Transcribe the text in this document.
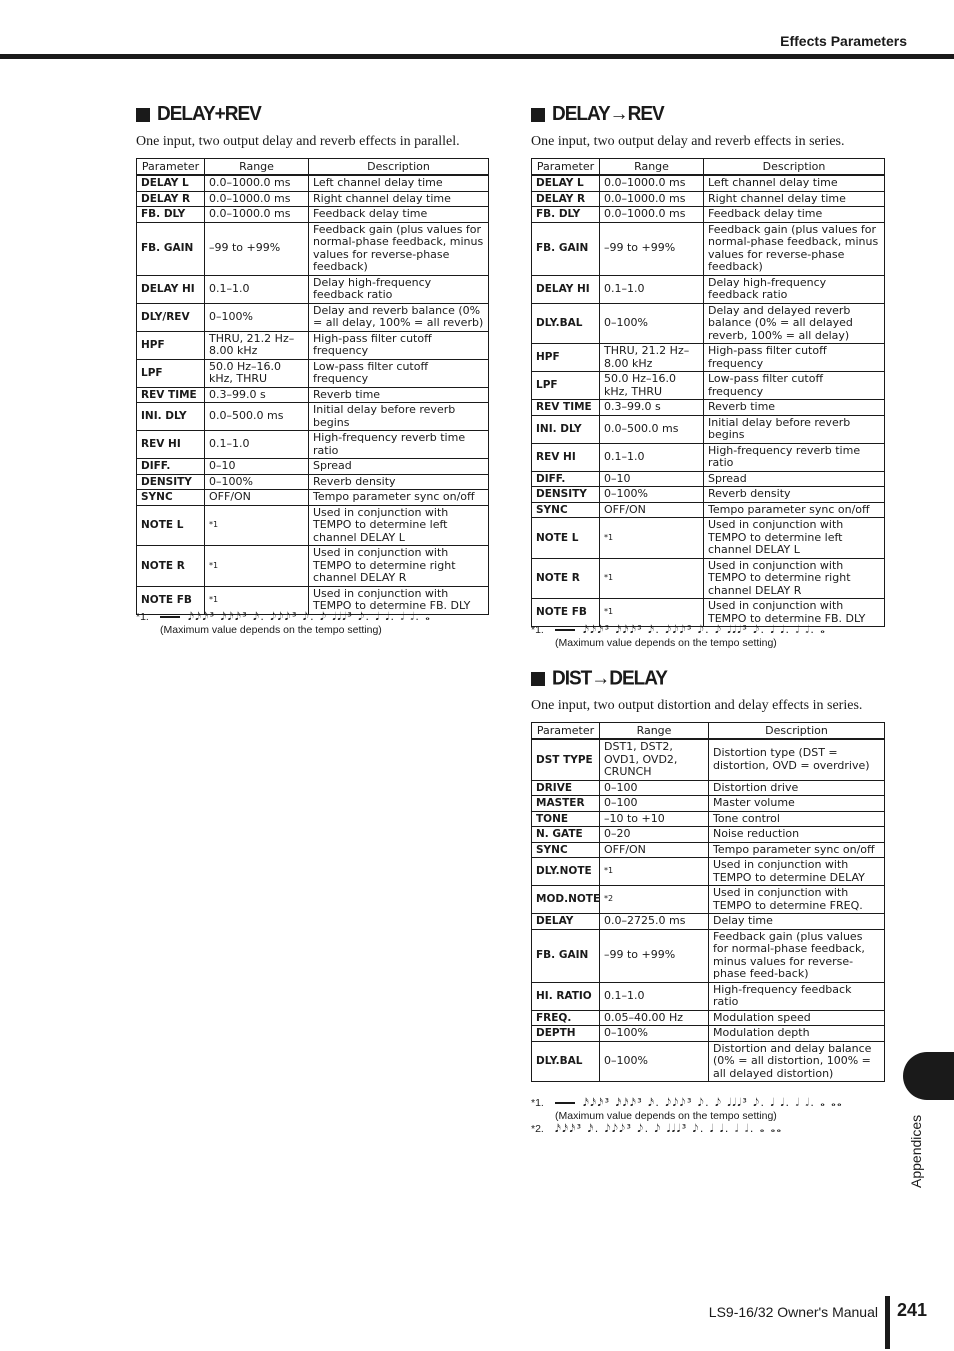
Effects Parameters
DELAY+REV
One input, two output delay and reverb effects in parallel.
Parameter	Range	Description
DELAY L	0.0–1000.0 ms	Left channel delay time
DELAY R	0.0–1000.0 ms	Right channel delay time
FB. DLY	0.0–1000.0 ms	Feedback delay time
FB. GAIN	–99 to +99%	Feedback gain (plus values for normal-phase feedback, minus values for reverse-phase feedback)
DELAY HI	0.1–1.0	Delay high-frequency feedback ratio
DLY/REV	0–100%	Delay and reverb balance (0% = all delay, 100% = all reverb)
HPF	THRU, 21.2 Hz–8.00 kHz	High-pass filter cutoff frequency
LPF	50.0 Hz–16.0 kHz, THRU	Low-pass filter cutoff frequency
REV TIME	0.3–99.0 s	Reverb time
INI. DLY	0.0–500.0 ms	Initial delay before reverb begins
REV HI	0.1–1.0	High-frequency reverb time ratio
DIFF.	0–10	Spread
DENSITY	0–100%	Reverb density
SYNC	OFF/ON	Tempo parameter sync on/off
NOTE L	*1	Used in conjunction with TEMPO to determine left channel DELAY L
NOTE R	*1	Used in conjunction with TEMPO to determine right channel DELAY R
NOTE FB	*1	Used in conjunction with TEMPO to determine FB. DLY
*1.	𝅘𝅥𝅯𝅘𝅥𝅯𝅘𝅥𝅯³ 𝅘𝅥𝅯𝅘𝅥𝅯𝅘𝅥𝅯³ 𝅘𝅥𝅯. 𝅘𝅥𝅮𝅘𝅥𝅮𝅘𝅥𝅮³ 𝅘𝅥𝅮. 𝅘𝅥𝅮 𝅘𝅥𝅘𝅥𝅘𝅥³ 𝅘𝅥𝅮. 𝅘𝅥 𝅘𝅥. 𝅗𝅥 𝅗𝅥. 𝅝
(Maximum value depends on the tempo setting)
DELAY→REV
One input, two output delay and reverb effects in series.
Parameter	Range	Description
DELAY L	0.0–1000.0 ms	Left channel delay time
DELAY R	0.0–1000.0 ms	Right channel delay time
FB. DLY	0.0–1000.0 ms	Feedback delay time
FB. GAIN	–99 to +99%	Feedback gain (plus values for normal-phase feedback, minus values for reverse-phase feedback)
DELAY HI	0.1–1.0	Delay high-frequency feedback ratio
DLY.BAL	0–100%	Delay and delayed reverb balance (0% = all delayed reverb, 100% = all delay)
HPF	THRU, 21.2 Hz–8.00 kHz	High-pass filter cutoff frequency
LPF	50.0 Hz–16.0 kHz, THRU	Low-pass filter cutoff frequency
REV TIME	0.3–99.0 s	Reverb time
INI. DLY	0.0–500.0 ms	Initial delay before reverb begins
REV HI	0.1–1.0	High-frequency reverb time ratio
DIFF.	0–10	Spread
DENSITY	0–100%	Reverb density
SYNC	OFF/ON	Tempo parameter sync on/off
NOTE L	*1	Used in conjunction with TEMPO to determine left channel DELAY L
NOTE R	*1	Used in conjunction with TEMPO to determine right channel DELAY R
NOTE FB	*1	Used in conjunction with TEMPO to determine FB. DLY
*1.	𝅘𝅥𝅯𝅘𝅥𝅯𝅘𝅥𝅯³ 𝅘𝅥𝅯𝅘𝅥𝅯𝅘𝅥𝅯³ 𝅘𝅥𝅯. 𝅘𝅥𝅮𝅘𝅥𝅮𝅘𝅥𝅮³ 𝅘𝅥𝅮. 𝅘𝅥𝅮 𝅘𝅥𝅘𝅥𝅘𝅥³ 𝅘𝅥𝅮. 𝅘𝅥 𝅘𝅥. 𝅗𝅥 𝅗𝅥. 𝅝
(Maximum value depends on the tempo setting)
DIST→DELAY
One input, two output distortion and delay effects in series.
Parameter	Range	Description
DST TYPE	DST1, DST2, OVD1, OVD2, CRUNCH	Distortion type (DST = distortion, OVD = overdrive)
DRIVE	0–100	Distortion drive
MASTER	0–100	Master volume
TONE	–10 to +10	Tone control
N. GATE	0–20	Noise reduction
SYNC	OFF/ON	Tempo parameter sync on/off
DLY.NOTE	*1	Used in conjunction with TEMPO to determine DELAY
MOD.NOTE	*2	Used in conjunction with TEMPO to determine FREQ.
DELAY	0.0–2725.0 ms	Delay time
FB. GAIN	–99 to +99%	Feedback gain (plus values for normal-phase feedback, minus values for reverse-phase feed-back)
HI. RATIO	0.1–1.0	High-frequency feedback ratio
FREQ.	0.05–40.00 Hz	Modulation speed
DEPTH	0–100%	Modulation depth
DLY.BAL	0–100%	Distortion and delay balance (0% = all distortion, 100% = all delayed distortion)
*1.	𝅘𝅥𝅯𝅘𝅥𝅯𝅘𝅥𝅯³ 𝅘𝅥𝅯𝅘𝅥𝅯𝅘𝅥𝅯³ 𝅘𝅥𝅯. 𝅘𝅥𝅮𝅘𝅥𝅮𝅘𝅥𝅮³ 𝅘𝅥𝅮. 𝅘𝅥𝅮 𝅘𝅥𝅘𝅥𝅘𝅥³ 𝅘𝅥𝅮. 𝅘𝅥 𝅘𝅥. 𝅗𝅥 𝅗𝅥. 𝅝 𝅝𝅝
(Maximum value depends on the tempo setting)
*2.	𝅘𝅥𝅯𝅘𝅥𝅯𝅘𝅥𝅯³ 𝅘𝅥𝅯. 𝅘𝅥𝅮𝅘𝅥𝅮𝅘𝅥𝅮³ 𝅘𝅥𝅮. 𝅘𝅥𝅮 𝅘𝅥𝅘𝅥𝅘𝅥³ 𝅘𝅥𝅮. 𝅘𝅥 𝅘𝅥. 𝅗𝅥 𝅗𝅥. 𝅝 𝅝𝅝	Appendices
LS9-16/32 Owner's Manual 241
